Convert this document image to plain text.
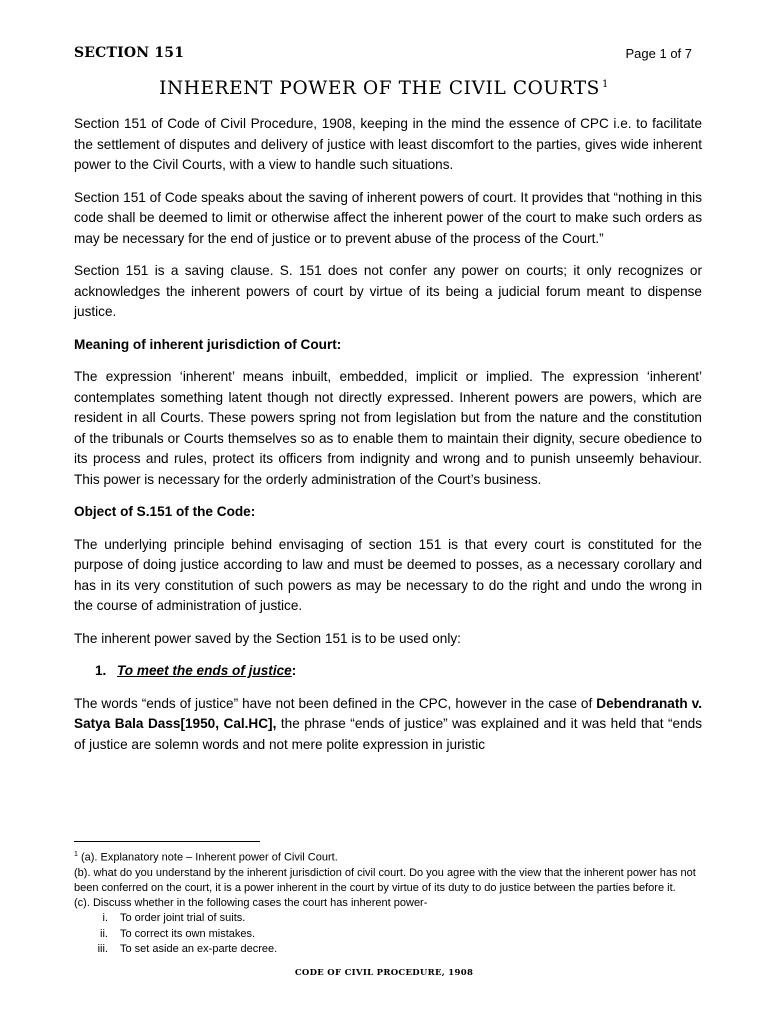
SECTION 151	Page 1 of 7
INHERENT POWER OF THE CIVIL COURTS $^1$

Section 151 of Code of Civil Procedure, 1908, keeping in the mind the essence of CPC i.e. to facilitate the settlement of disputes and delivery of justice with least discomfort to the parties, gives wide inherent power to the Civil Courts, with a view to handle such situations.

Section 151 of Code speaks about the saving of inherent powers of court. It provides that “nothing in this code shall be deemed to limit or otherwise affect the inherent power of the court to make such orders as may be necessary for the end of justice or to prevent abuse of the process of the Court.”

Section 151 is a saving clause. S. 151 does not confer any power on courts; it only recognizes or acknowledges the inherent powers of court by virtue of its being a judicial forum meant to dispense justice.

Meaning of inherent jurisdiction of Court:

The expression ‘inherent’ means inbuilt, embedded, implicit or implied. The expression ‘inherent’ contemplates something latent though not directly expressed. Inherent powers are powers, which are resident in all Courts. These powers spring not from legislation but from the nature and the constitution of the tribunals or Courts themselves so as to enable them to maintain their dignity, secure obedience to its process and rules, protect its officers from indignity and wrong and to punish unseemly behaviour. This power is necessary for the orderly administration of the Court’s business.

Object of S.151 of the Code:

The underlying principle behind envisaging of section 151 is that every court is constituted for the purpose of doing justice according to law and must be deemed to posses, as a necessary corollary and has in its very constitution of such powers as may be necessary to do the right and undo the wrong in the course of administration of justice.

The inherent power saved by the Section 151 is to be used only:

1. To meet the ends of justice:

The words “ends of justice” have not been defined in the CPC, however in the case of Debendranath v. Satya Bala Dass[1950, Cal.HC], the phrase “ends of justice” was explained and it was held that “ends of justice are solemn words and not mere polite expression in juristic

$^1$ (a). Explanatory note – Inherent power of Civil Court.

(b). what do you understand by the inherent jurisdiction of civil court. Do you agree with the view that the inherent power has not been conferred on the court, it is a power inherent in the court by virtue of its duty to do justice between the parties before it.

(c). Discuss whether in the following cases the court has inherent power-

i. To order joint trial of suits.
ii. To correct its own mistakes.
iii. To set aside an ex-parte decree.
CODE OF CIVIL PROCEDURE, 1908
